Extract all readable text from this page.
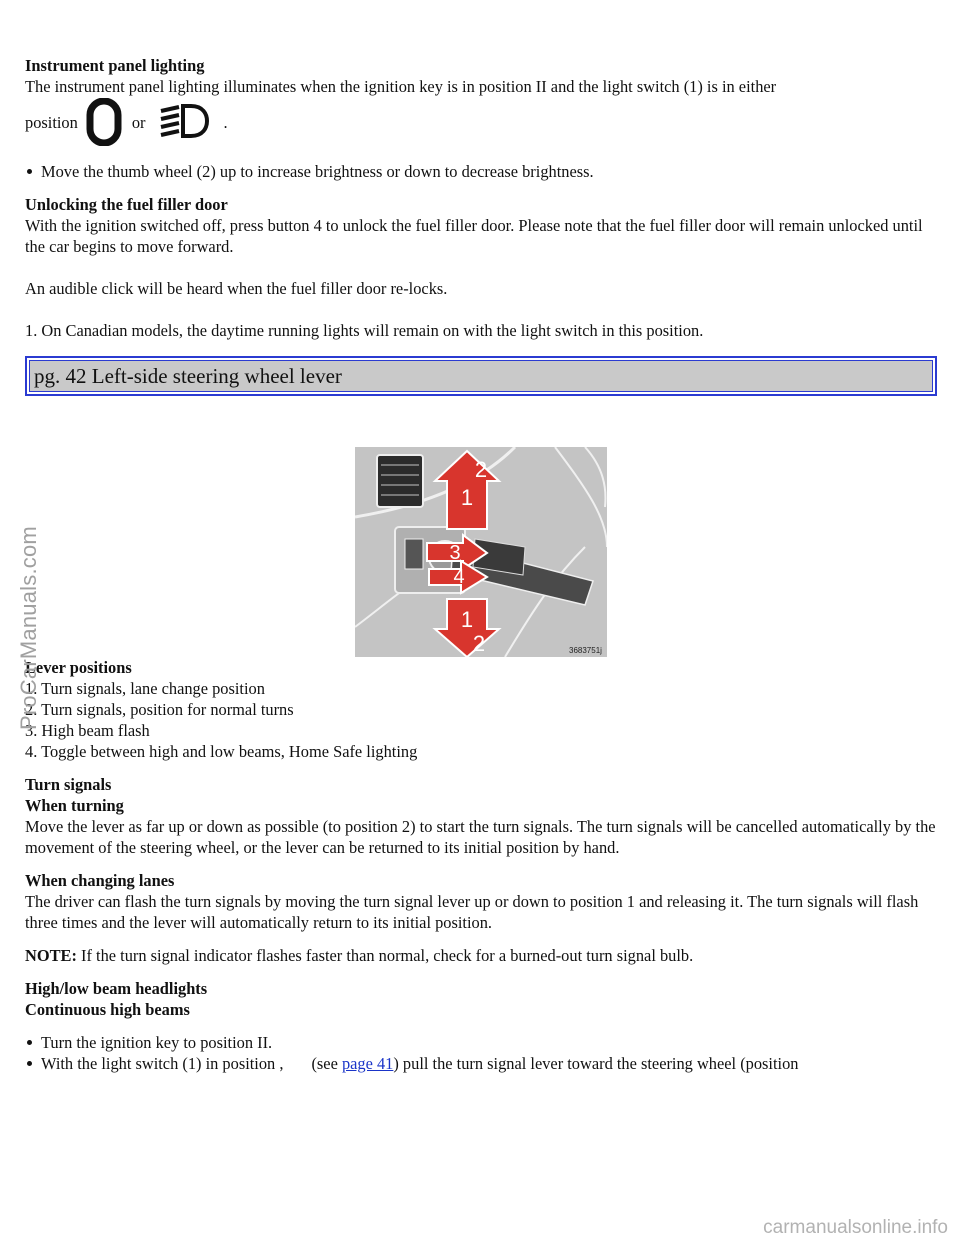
Instrument panel lighting

The instrument panel lighting illuminates when the ignition key is in position II and the light switch (1) is in either

position	or	.
Move the thumb wheel (2) up to increase brightness or down to decrease brightness.

Unlocking the fuel filler door

With the ignition switched off, press button 4 to unlock the fuel filler door. Please note that the fuel filler door will remain unlocked until the car begins to move forward.

An audible click will be heard when the fuel filler door re-locks.

1. On Canadian models, the daytime running lights will remain on with the light switch in this position.

pg. 42 Left-side steering wheel lever
2
1
3
4
1
2	3683751j

Lever positions

1. Turn signals, lane change position

2. Turn signals, position for normal turns

3. High beam flash

4. Toggle between high and low beams, Home Safe lighting

Turn signals

When turning

Move the lever as far up or down as possible (to position 2) to start the turn signals. The turn signals will be cancelled automatically by the movement of the steering wheel, or the lever can be returned to its initial position by hand.

When changing lanes

The driver can flash the turn signals by moving the turn signal lever up or down to position 1 and releasing it. The turn signals will flash three times and the lever will automatically return to its initial position.

NOTE: If the turn signal indicator flashes faster than normal, check for a burned-out turn signal bulb.

High/low beam headlights

Continuous high beams

Turn the ignition key to position II.
With the light switch (1) in position , (see page 41) pull the turn signal lever toward the steering wheel (position
ProCarManuals.com
carmanualsonline.info
